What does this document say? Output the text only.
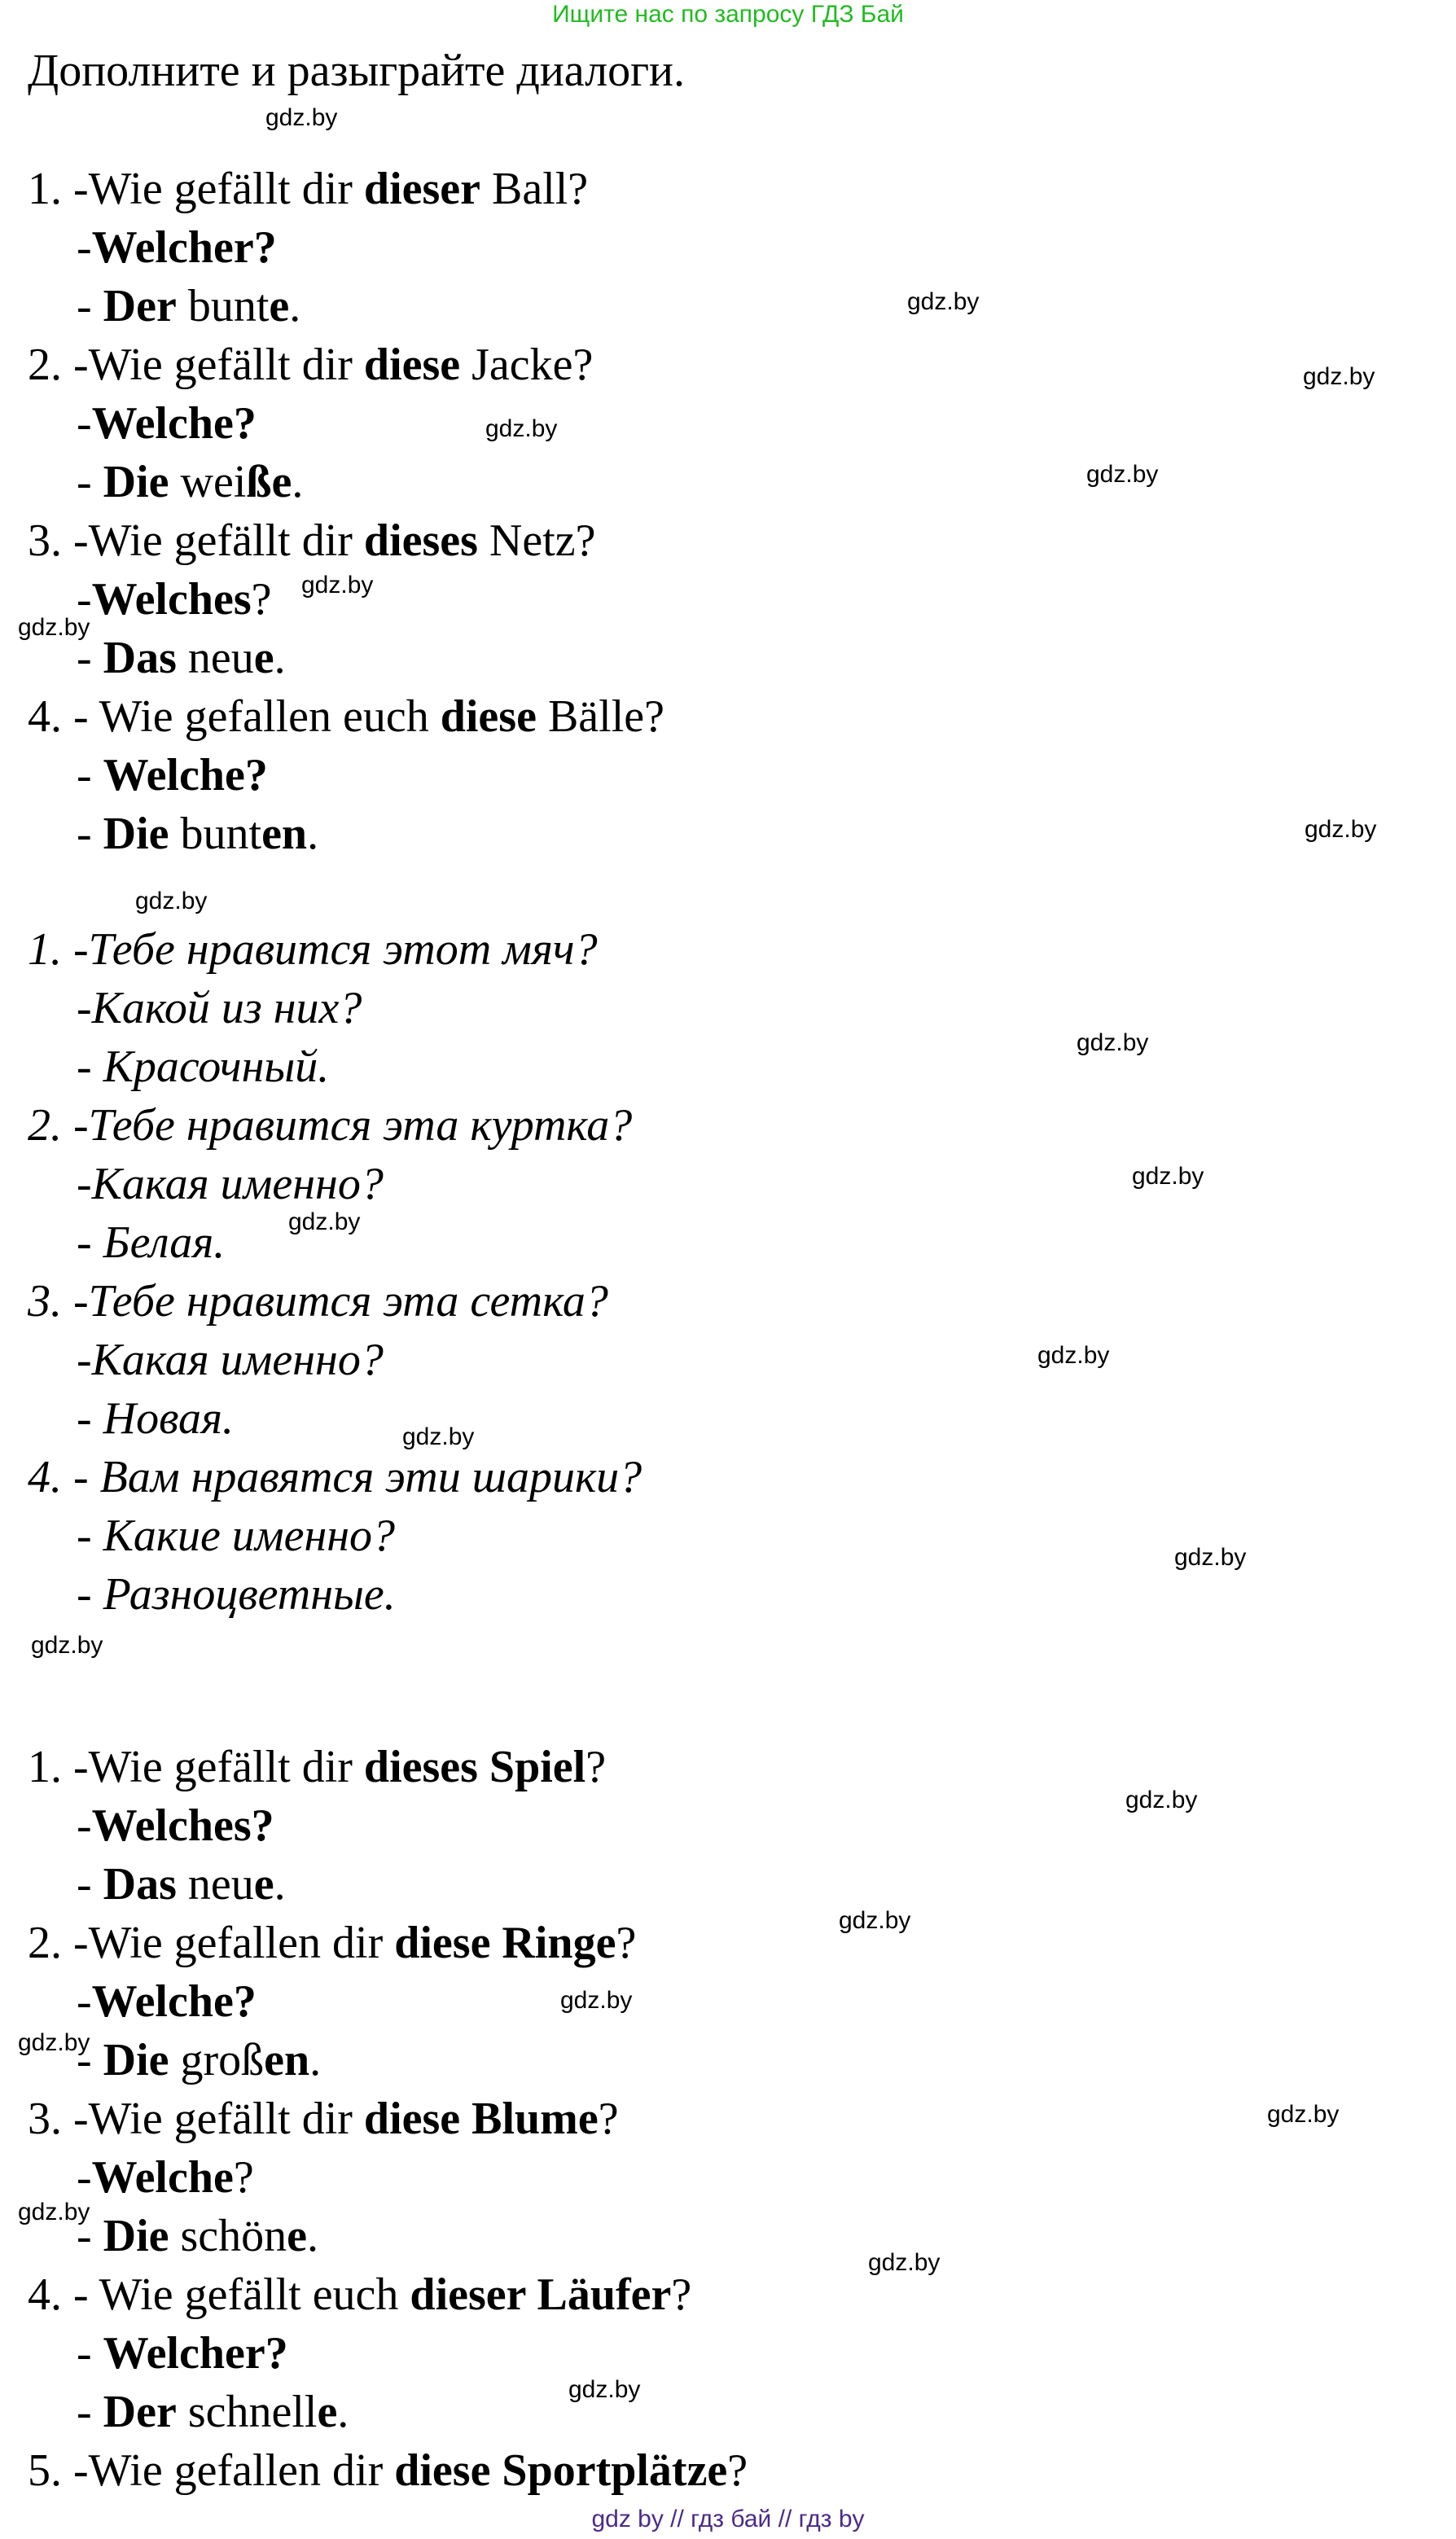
Ищите нас по запросу ГДЗ Бай
Дополните и разыграйте диалоги.
1. -Wie gefällt dir dieser Ball?
-Welcher?
- Der bunte.
2. -Wie gefällt dir diese Jacke?
-Welche?
- Die weiße.
3. -Wie gefällt dir dieses Netz?
-Welches?
- Das neue.
4. - Wie gefallen euch diese Bälle?
- Welche?
- Die bunten.
1. -Тебе нравится этот мяч?
-Какой из них?
- Красочный.
2. -Тебе нравится эта куртка?
-Какая именно?
- Белая.
3. -Тебе нравится эта сетка?
-Какая именно?
- Новая.
4. - Вам нравятся эти шарики?
- Какие именно?
- Разноцветные.
1. -Wie gefällt dir dieses Spiel?
-Welches?
- Das neue.
2. -Wie gefallen dir diese Ringe?
-Welche?
- Die großen.
3. -Wie gefällt dir diese Blume?
-Welche?
- Die schöne.
4. - Wie gefällt euch dieser Läufer?
- Welcher?
- Der schnelle.
5. -Wie gefallen dir diese Sportplätze?
gdz.by
gdz.by
gdz.by
gdz.by
gdz.by
gdz.by
gdz.by
gdz.by
gdz.by
gdz.by
gdz.by
gdz.by
gdz.by
gdz.by
gdz.by
gdz.by
gdz.by
gdz.by
gdz.by
gdz.by
gdz.by
gdz.by
gdz.by
gdz.by
gdz by // гдз бай // гдз by
